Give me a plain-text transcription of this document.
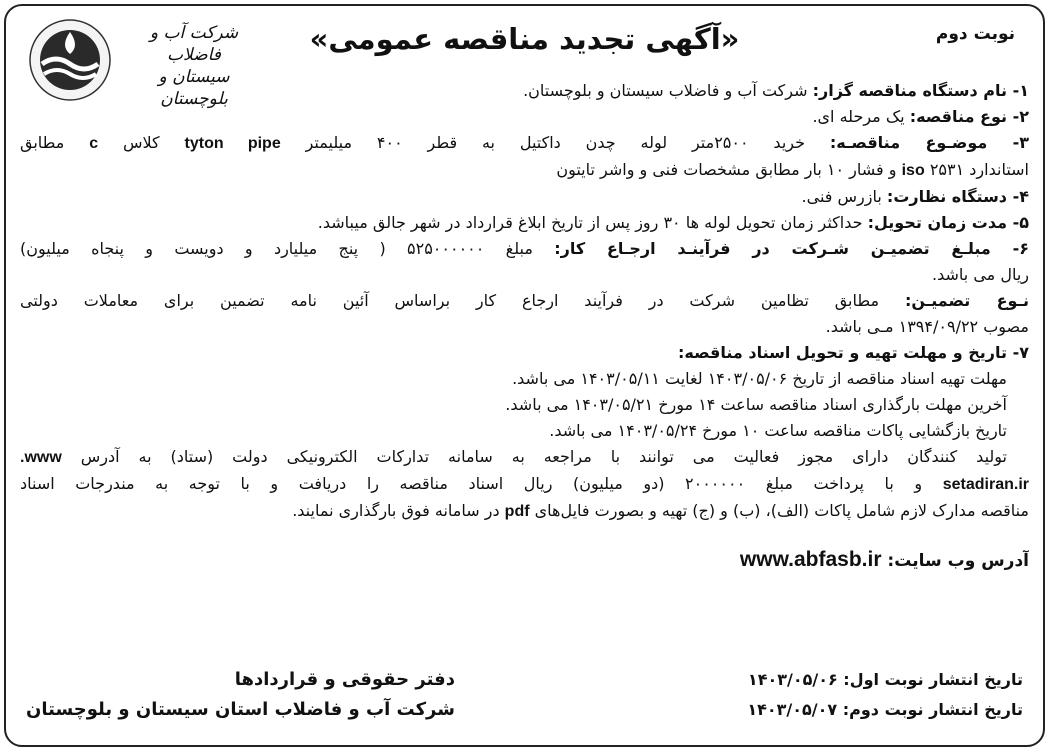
نوبت دوم
«آگهی تجدید مناقصه عمومی»
شرکت آب و فاضلاب
سیستان و بلوچستان	۱- نام دستگاه مناقصه گزار: شرکت آب و فاضلاب سیستان و بلوچستان.
۲- نوع مناقصه: یک مرحله ای.
۳- موضـوع مناقصـه: خرید ۲۵۰۰متر لوله چدن داکتیل به قطر ۴۰۰ میلیمتر tyton pipe کلاس c مطابق
استاندارد iso ۲۵۳۱ و فشار ۱۰ بار مطابق مشخصات فنی و واشر تایتون
۴- دستگاه نظارت: بازرس فنی.
۵- مدت زمان تحویل: حداکثر زمان تحویل لوله ها ۳۰ روز پس از تاریخ ابلاغ قرارداد در شهر جالق میباشد.
۶- مبلـغ تضمیـن شـرکت در فرآینـد ارجـاع کار: مبلغ ۵۲۵۰۰۰۰۰۰ ( پنج میلیارد و دویست و پنجاه میلیون)
ریال می باشد.
نـوع تضمیـن: مطابق تظامین شرکت در فرآیند ارجاع کار براساس آئین نامه تضمین برای معاملات دولتی
مصوب ۱۳۹۴/۰۹/۲۲ مـی باشد.
۷- تاریخ و مهلت تهیه و تحویل اسناد مناقصه:
مهلت تهیه اسناد مناقصه از تاریخ ۱۴۰۳/۰۵/۰۶ لغایت ۱۴۰۳/۰۵/۱۱ می باشد.
آخرین مهلت بارگذاری اسناد مناقصه ساعت ۱۴ مورخ ۱۴۰۳/۰۵/۲۱ می باشد.
تاریخ بازگشایی پاکات مناقصه ساعت ۱۰ مورخ ۱۴۰۳/۰۵/۲۴ می باشد.
تولید کنندگان دارای مجوز فعالیت می توانند با مراجعه به سامانه تدارکات الکترونیکی دولت (ستاد) به آدرس www.
setadiran.ir و با پرداخت مبلغ ۲۰۰۰۰۰۰ (دو میلیون) ریال اسناد مناقصه را دریافت و با توجه به مندرجات اسناد
مناقصه مدارک لازم شامل پاکات (الف)، (ب) و (ج) تهیه و بصورت فایل‌های pdf در سامانه فوق بارگذاری نمایند.
آدرس وب سایت: www.abfasb.ir
تاریخ انتشار نوبت اول: ۱۴۰۳/۰۵/۰۶
تاریخ انتشار نوبت دوم: ۱۴۰۳/۰۵/۰۷
دفتر حقوقی و قراردادها
شرکت آب و فاضلاب استان سیستان و بلوچستان
